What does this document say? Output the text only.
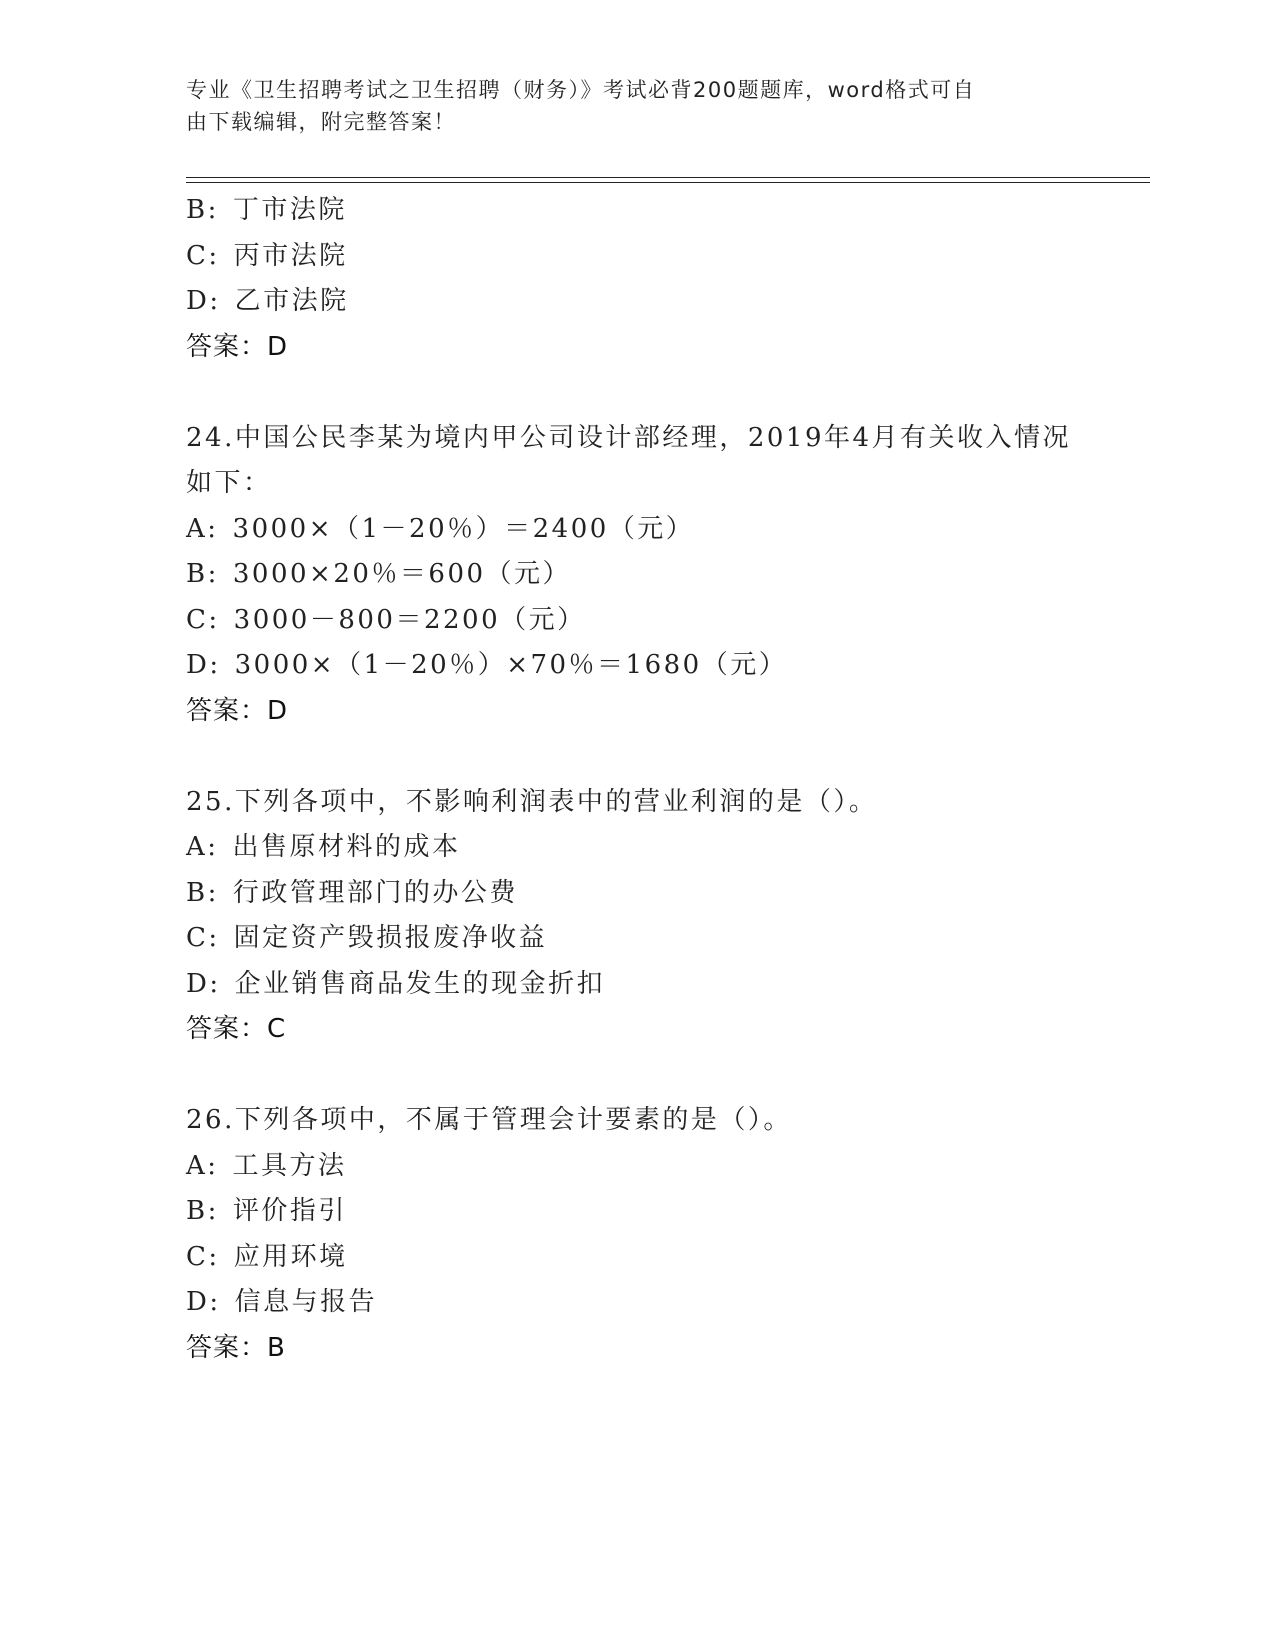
专业《卫生招聘考试之卫生招聘（财务）》考试必背200题题库，word格式可自
由下载编辑，附完整答案！
B: 丁市法院
C: 丙市法院
D: 乙市法院
答案：D
24.中国公民李某为境内甲公司设计部经理，2019年4月有关收入情况
如下：
A: 3000×（1－20％）＝2400（元）
B: 3000×20％＝600（元）
C: 3000－800＝2200（元）
D: 3000×（1－20％）×70％＝1680（元）
答案：D
25.下列各项中，不影响利润表中的营业利润的是（）。
A: 出售原材料的成本
B: 行政管理部门的办公费
C: 固定资产毁损报废净收益
D: 企业销售商品发生的现金折扣
答案：C
26.下列各项中，不属于管理会计要素的是（）。
A: 工具方法
B: 评价指引
C: 应用环境
D: 信息与报告
答案：B
